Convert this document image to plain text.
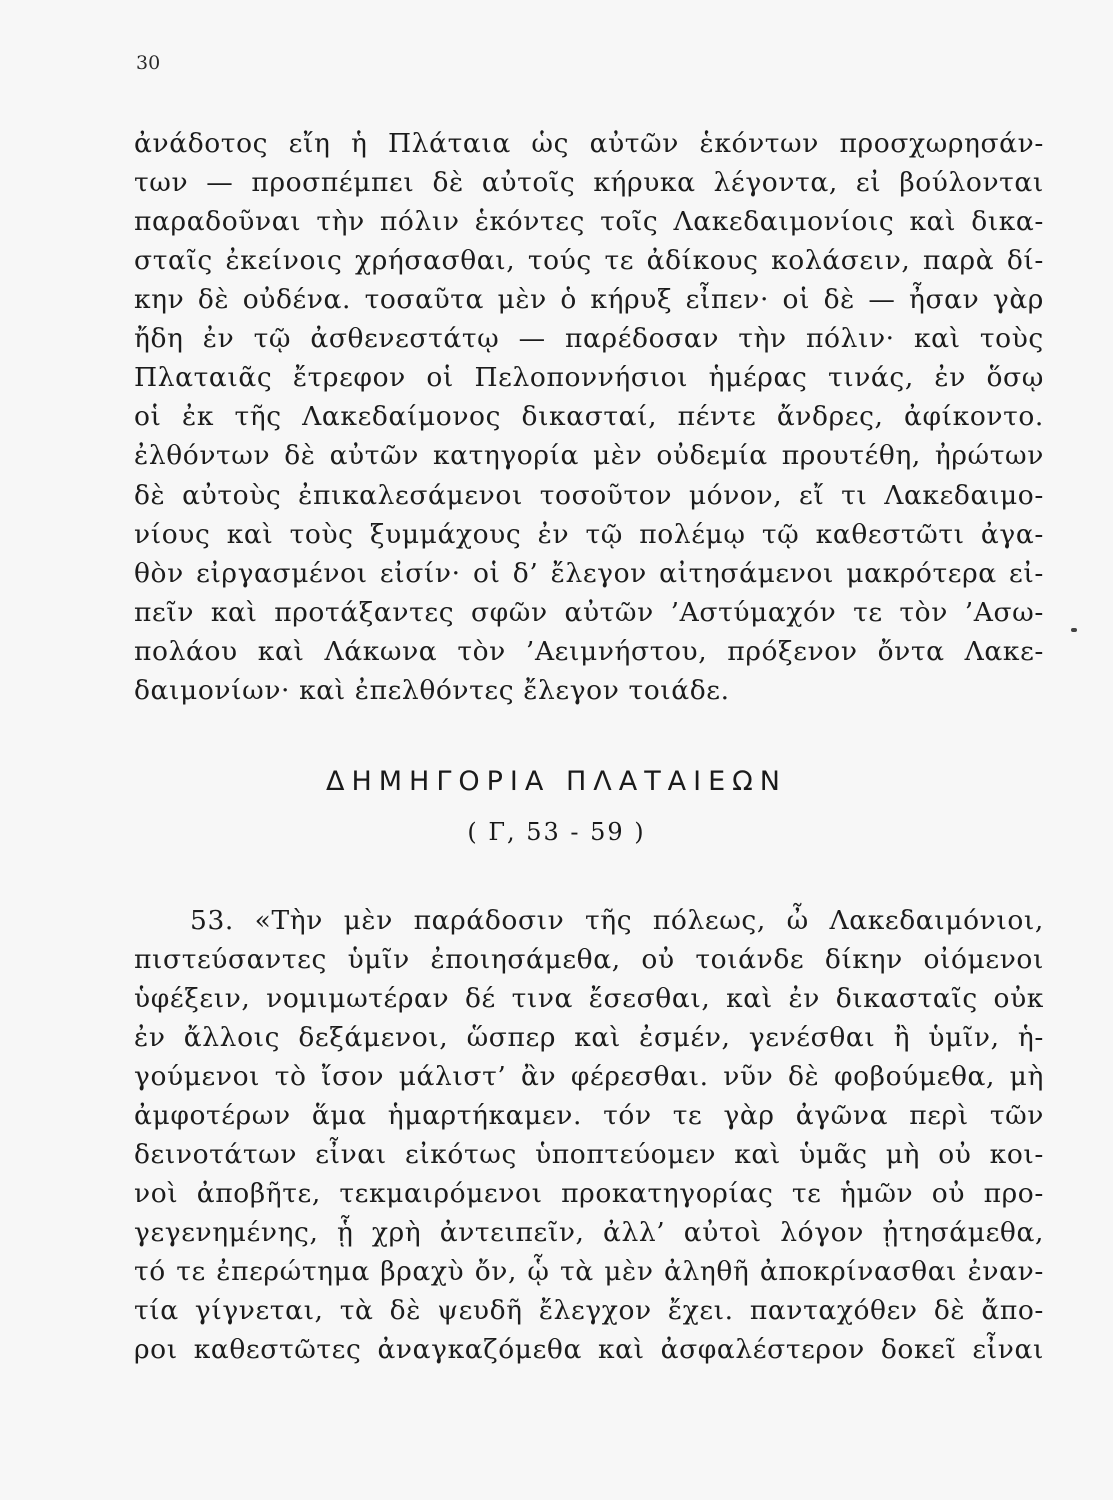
30
ἀνάδοτος εἴη ἡ Πλάταια ὡς αὐτῶν ἑκόντων προσχωρησάν-
των — προσπέμπει δὲ αὐτοῖς κήρυκα λέγοντα, εἰ βούλονται
παραδοῦναι τὴν πόλιν ἑκόντες τοῖς Λακεδαιμονίοις καὶ δικα-
σταῖς ἐκείνοις χρήσασθαι, τούς τε ἀδίκους κολάσειν, παρὰ δί-
κην δὲ οὐδένα. τοσαῦτα μὲν ὁ κήρυξ εἶπεν· οἱ δὲ — ἦσαν γὰρ
ἤδη ἐν τῷ ἀσθενεστάτῳ — παρέδοσαν τὴν πόλιν· καὶ τοὺς
Πλαταιᾶς ἔτρεφον οἱ Πελοποννήσιοι ἡμέρας τινάς, ἐν ὅσῳ
οἱ ἐκ τῆς Λακεδαίμονος δικασταί, πέντε ἄνδρες, ἀφίκοντο.
ἐλθόντων δὲ αὐτῶν κατηγορία μὲν οὐδεμία προυτέθη, ἠρώτων
δὲ αὐτοὺς ἐπικαλεσάμενοι τοσοῦτον μόνον, εἴ τι Λακεδαιμο-
νίους καὶ τοὺς ξυμμάχους ἐν τῷ πολέμῳ τῷ καθεστῶτι ἀγα-
θὸν εἰργασμένοι εἰσίν· οἱ δ’ ἔλεγον αἰτησάμενοι μακρότερα εἰ-
πεῖν καὶ προτάξαντες σφῶν αὐτῶν ’Αστύμαχόν τε τὸν ’Ασω-
πολάου καὶ Λάκωνα τὸν ’Αειμνήστου, πρόξενον ὄντα Λακε-
δαιμονίων· καὶ ἐπελθόντες ἔλεγον τοιάδε.
ΔΗΜΗΓΟΡΙΑ ΠΛΑΤΑΙΕΩΝ
( Γ, 53 - 59 )
53. «Τὴν μὲν παράδοσιν τῆς πόλεως, ὦ Λακεδαιμόνιοι,
πιστεύσαντες ὑμῖν ἐποιησάμεθα, οὐ τοιάνδε δίκην οἰόμενοι
ὑφέξειν, νομιμωτέραν δέ τινα ἔσεσθαι, καὶ ἐν δικασταῖς οὐκ
ἐν ἄλλοις δεξάμενοι, ὥσπερ καὶ ἐσμέν, γενέσθαι ἢ ὑμῖν, ἡ-
γούμενοι τὸ ἴσον μάλιστ’ ἂν φέρεσθαι. νῦν δὲ φοβούμεθα, μὴ
ἀμφοτέρων ἅμα ἡμαρτήκαμεν. τόν τε γὰρ ἀγῶνα περὶ τῶν
δεινοτάτων εἶναι εἰκότως ὑποπτεύομεν καὶ ὑμᾶς μὴ οὐ κοι-
νοὶ ἀποβῆτε, τεκμαιρόμενοι προκατηγορίας τε ἡμῶν οὐ προ-
γεγενημένης, ᾗ χρὴ ἀντειπεῖν, ἀλλ’ αὐτοὶ λόγον ᾐτησάμεθα,
τό τε ἐπερώτημα βραχὺ ὄν, ᾧ τὰ μὲν ἀληθῆ ἀποκρίνασθαι ἐναν-
τία γίγνεται, τὰ δὲ ψευδῆ ἔλεγχον ἔχει. πανταχόθεν δὲ ἄπο-
ροι καθεστῶτες ἀναγκαζόμεθα καὶ ἀσφαλέστερον δοκεῖ εἶναι
